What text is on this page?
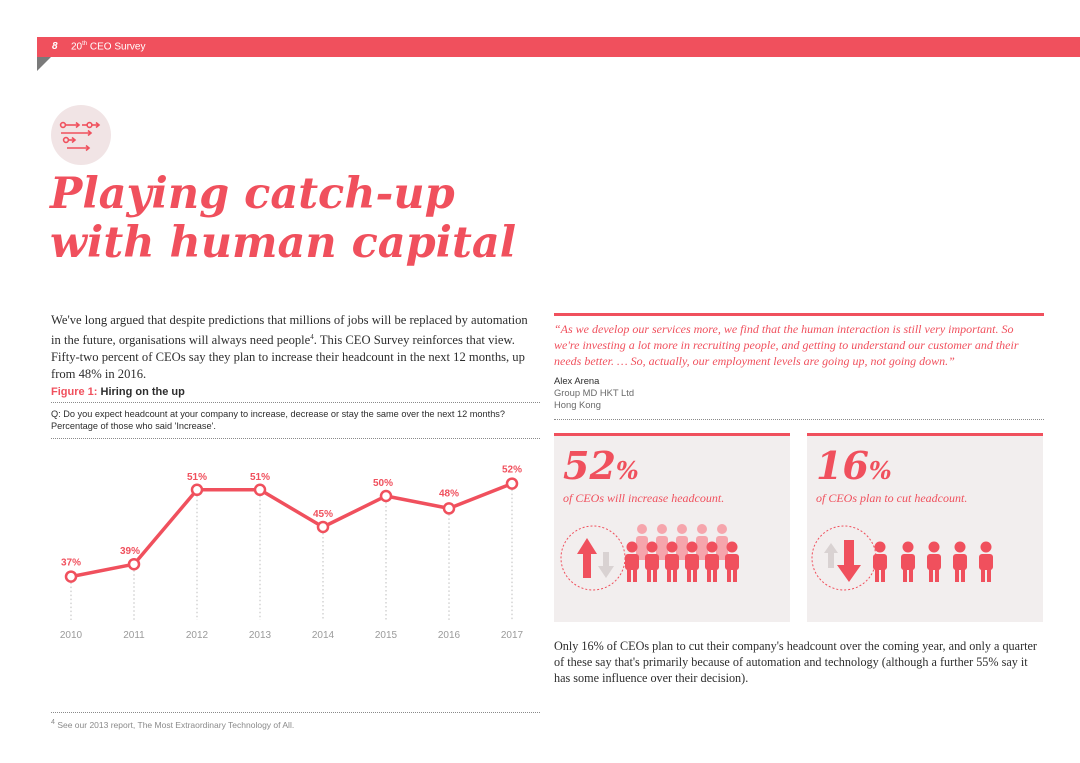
8 20th CEO Survey
Playing catch-up
with human capital

We've long argued that despite predictions that millions of jobs will be replaced by automation in the future, organisations will always need people$^4$. This CEO Survey reinforces that view. Fifty-two percent of CEOs say they plan to increase their headcount in the next 12 months, up from 48% in 2016.

Figure 1: Hiring on the up
Q: Do you expect headcount at your company to increase, decrease or stay the same over the next 12 months? Percentage of those who said 'Increase'.
37%
2010
39%
2011
51%
2012
51%
2013
45%
2014
50%
2015
48%
2016
52%
2017
$^4$ See our 2013 report, The Most Extraordinary Technology of All.

“As we develop our services more, we find that the human interaction is still very important. So we're investing a lot more in recruiting people, and getting to understand our customer and their needs better. … So, actually, our employment levels are going up, not going down.”

Alex Arena
Group MD HKT Ltd
Hong Kong
52%
of CEOs will increase headcount.
16%
of CEOs plan to cut headcount.

Only 16% of CEOs plan to cut their company's headcount over the coming year, and only a quarter of these say that's primarily because of automation and technology (although a further 55% say it has some influence over their decision).
